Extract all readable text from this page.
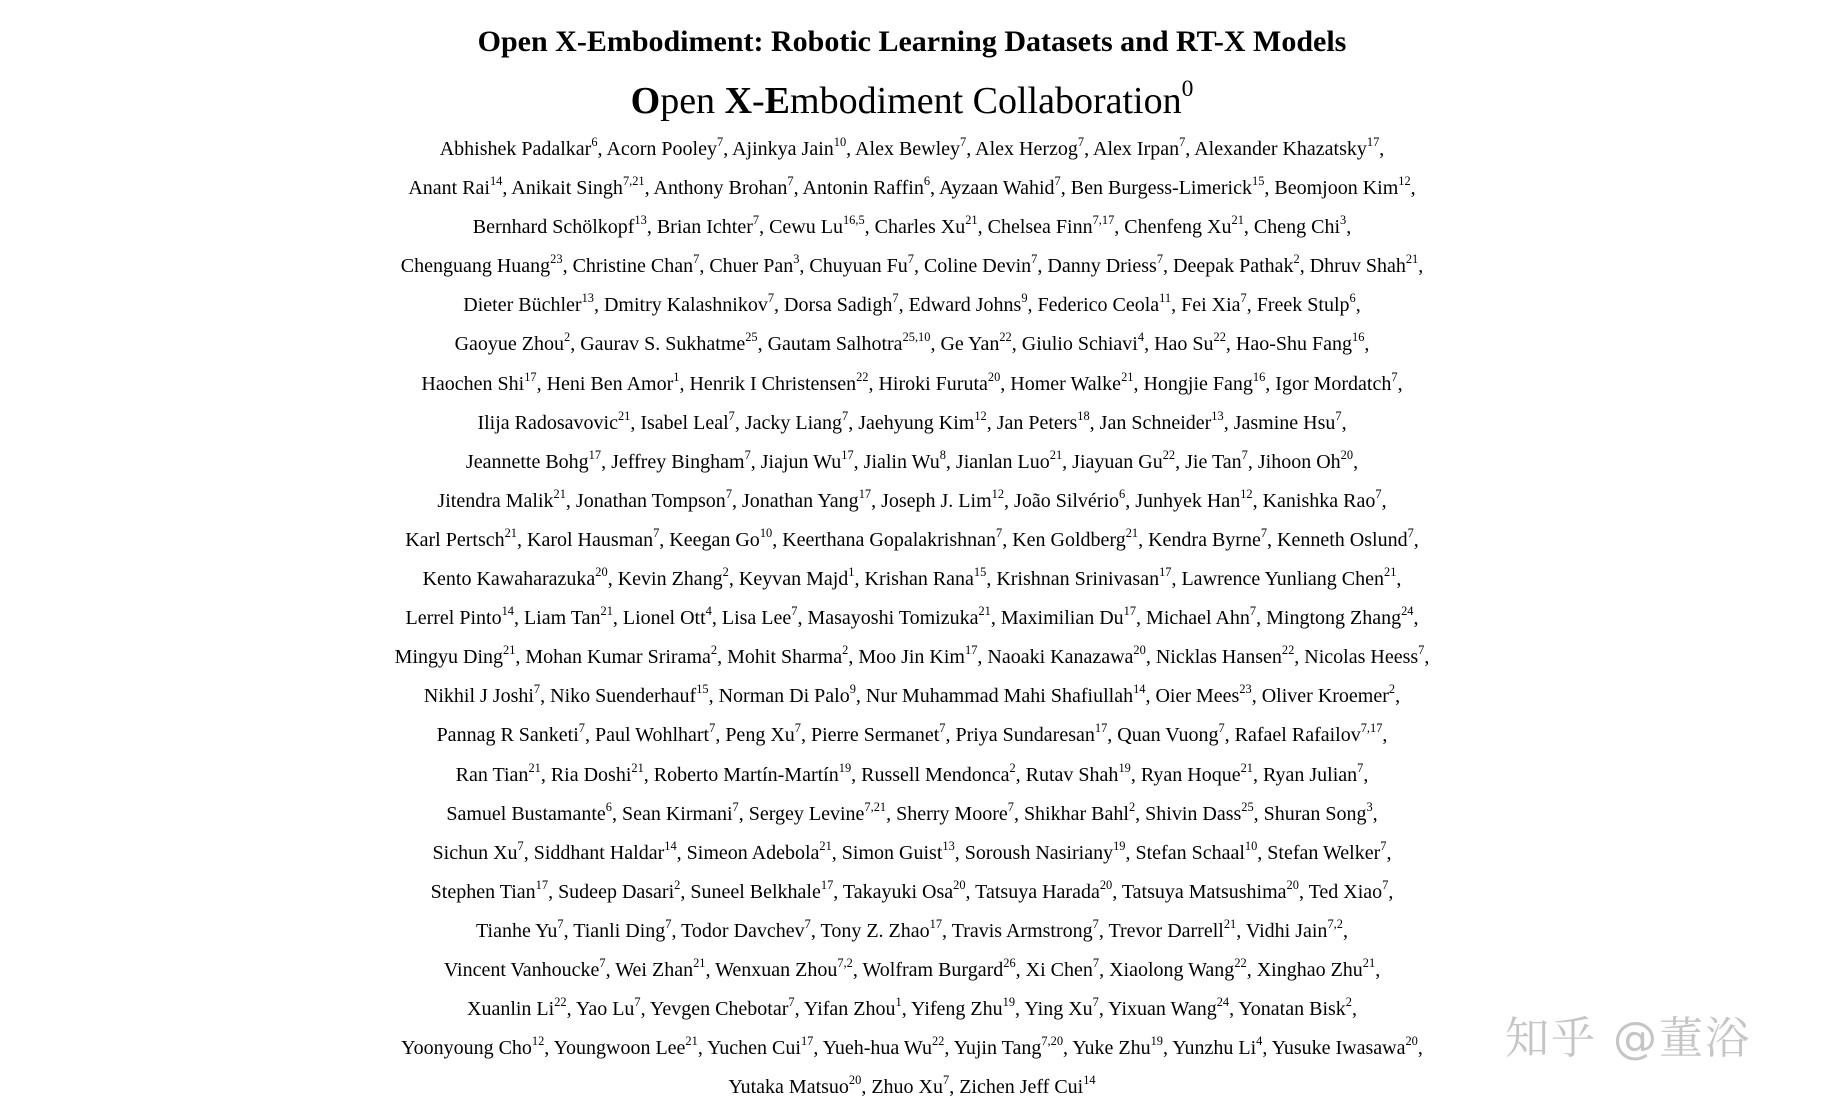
Open X-Embodiment: Robotic Learning Datasets and RT-X Models
Open X-Embodiment Collaboration$^0$
Abhishek Padalkar$^6$, Acorn Pooley$^7$, Ajinkya Jain$^{10}$, Alex Bewley$^7$, Alex Herzog$^7$, Alex Irpan$^7$, Alexander Khazatsky$^{17}$,
Anant Rai$^{14}$, Anikait Singh$^{7,21}$, Anthony Brohan$^7$, Antonin Raffin$^6$, Ayzaan Wahid$^7$, Ben Burgess-Limerick$^{15}$, Beomjoon Kim$^{12}$,
Bernhard Schölkopf$^{13}$, Brian Ichter$^7$, Cewu Lu$^{16,5}$, Charles Xu$^{21}$, Chelsea Finn$^{7,17}$, Chenfeng Xu$^{21}$, Cheng Chi$^3$,
Chenguang Huang$^{23}$, Christine Chan$^7$, Chuer Pan$^3$, Chuyuan Fu$^7$, Coline Devin$^7$, Danny Driess$^7$, Deepak Pathak$^2$, Dhruv Shah$^{21}$,
Dieter Büchler$^{13}$, Dmitry Kalashnikov$^7$, Dorsa Sadigh$^7$, Edward Johns$^9$, Federico Ceola$^{11}$, Fei Xia$^7$, Freek Stulp$^6$,
Gaoyue Zhou$^2$, Gaurav S. Sukhatme$^{25}$, Gautam Salhotra$^{25,10}$, Ge Yan$^{22}$, Giulio Schiavi$^4$, Hao Su$^{22}$, Hao-Shu Fang$^{16}$,
Haochen Shi$^{17}$, Heni Ben Amor$^1$, Henrik I Christensen$^{22}$, Hiroki Furuta$^{20}$, Homer Walke$^{21}$, Hongjie Fang$^{16}$, Igor Mordatch$^7$,
Ilija Radosavovic$^{21}$, Isabel Leal$^7$, Jacky Liang$^7$, Jaehyung Kim$^{12}$, Jan Peters$^{18}$, Jan Schneider$^{13}$, Jasmine Hsu$^7$,
Jeannette Bohg$^{17}$, Jeffrey Bingham$^7$, Jiajun Wu$^{17}$, Jialin Wu$^8$, Jianlan Luo$^{21}$, Jiayuan Gu$^{22}$, Jie Tan$^7$, Jihoon Oh$^{20}$,
Jitendra Malik$^{21}$, Jonathan Tompson$^7$, Jonathan Yang$^{17}$, Joseph J. Lim$^{12}$, João Silvério$^6$, Junhyek Han$^{12}$, Kanishka Rao$^7$,
Karl Pertsch$^{21}$, Karol Hausman$^7$, Keegan Go$^{10}$, Keerthana Gopalakrishnan$^7$, Ken Goldberg$^{21}$, Kendra Byrne$^7$, Kenneth Oslund$^7$,
Kento Kawaharazuka$^{20}$, Kevin Zhang$^2$, Keyvan Majd$^1$, Krishan Rana$^{15}$, Krishnan Srinivasan$^{17}$, Lawrence Yunliang Chen$^{21}$,
Lerrel Pinto$^{14}$, Liam Tan$^{21}$, Lionel Ott$^4$, Lisa Lee$^7$, Masayoshi Tomizuka$^{21}$, Maximilian Du$^{17}$, Michael Ahn$^7$, Mingtong Zhang$^{24}$,
Mingyu Ding$^{21}$, Mohan Kumar Srirama$^2$, Mohit Sharma$^2$, Moo Jin Kim$^{17}$, Naoaki Kanazawa$^{20}$, Nicklas Hansen$^{22}$, Nicolas Heess$^7$,
Nikhil J Joshi$^7$, Niko Suenderhauf$^{15}$, Norman Di Palo$^9$, Nur Muhammad Mahi Shafiullah$^{14}$, Oier Mees$^{23}$, Oliver Kroemer$^2$,
Pannag R Sanketi$^7$, Paul Wohlhart$^7$, Peng Xu$^7$, Pierre Sermanet$^7$, Priya Sundaresan$^{17}$, Quan Vuong$^7$, Rafael Rafailov$^{7,17}$,
Ran Tian$^{21}$, Ria Doshi$^{21}$, Roberto Martín-Martín$^{19}$, Russell Mendonca$^2$, Rutav Shah$^{19}$, Ryan Hoque$^{21}$, Ryan Julian$^7$,
Samuel Bustamante$^6$, Sean Kirmani$^7$, Sergey Levine$^{7,21}$, Sherry Moore$^7$, Shikhar Bahl$^2$, Shivin Dass$^{25}$, Shuran Song$^3$,
Sichun Xu$^7$, Siddhant Haldar$^{14}$, Simeon Adebola$^{21}$, Simon Guist$^{13}$, Soroush Nasiriany$^{19}$, Stefan Schaal$^{10}$, Stefan Welker$^7$,
Stephen Tian$^{17}$, Sudeep Dasari$^2$, Suneel Belkhale$^{17}$, Takayuki Osa$^{20}$, Tatsuya Harada$^{20}$, Tatsuya Matsushima$^{20}$, Ted Xiao$^7$,
Tianhe Yu$^7$, Tianli Ding$^7$, Todor Davchev$^7$, Tony Z. Zhao$^{17}$, Travis Armstrong$^7$, Trevor Darrell$^{21}$, Vidhi Jain$^{7,2}$,
Vincent Vanhoucke$^7$, Wei Zhan$^{21}$, Wenxuan Zhou$^{7,2}$, Wolfram Burgard$^{26}$, Xi Chen$^7$, Xiaolong Wang$^{22}$, Xinghao Zhu$^{21}$,
Xuanlin Li$^{22}$, Yao Lu$^7$, Yevgen Chebotar$^7$, Yifan Zhou$^1$, Yifeng Zhu$^{19}$, Ying Xu$^7$, Yixuan Wang$^{24}$, Yonatan Bisk$^2$,
Yoonyoung Cho$^{12}$, Youngwoon Lee$^{21}$, Yuchen Cui$^{17}$, Yueh-hua Wu$^{22}$, Yujin Tang$^{7,20}$, Yuke Zhu$^{19}$, Yunzhu Li$^4$, Yusuke Iwasawa$^{20}$,
Yutaka Matsuo$^{20}$, Zhuo Xu$^7$, Zichen Jeff Cui$^{14}$
知乎 @董浴
